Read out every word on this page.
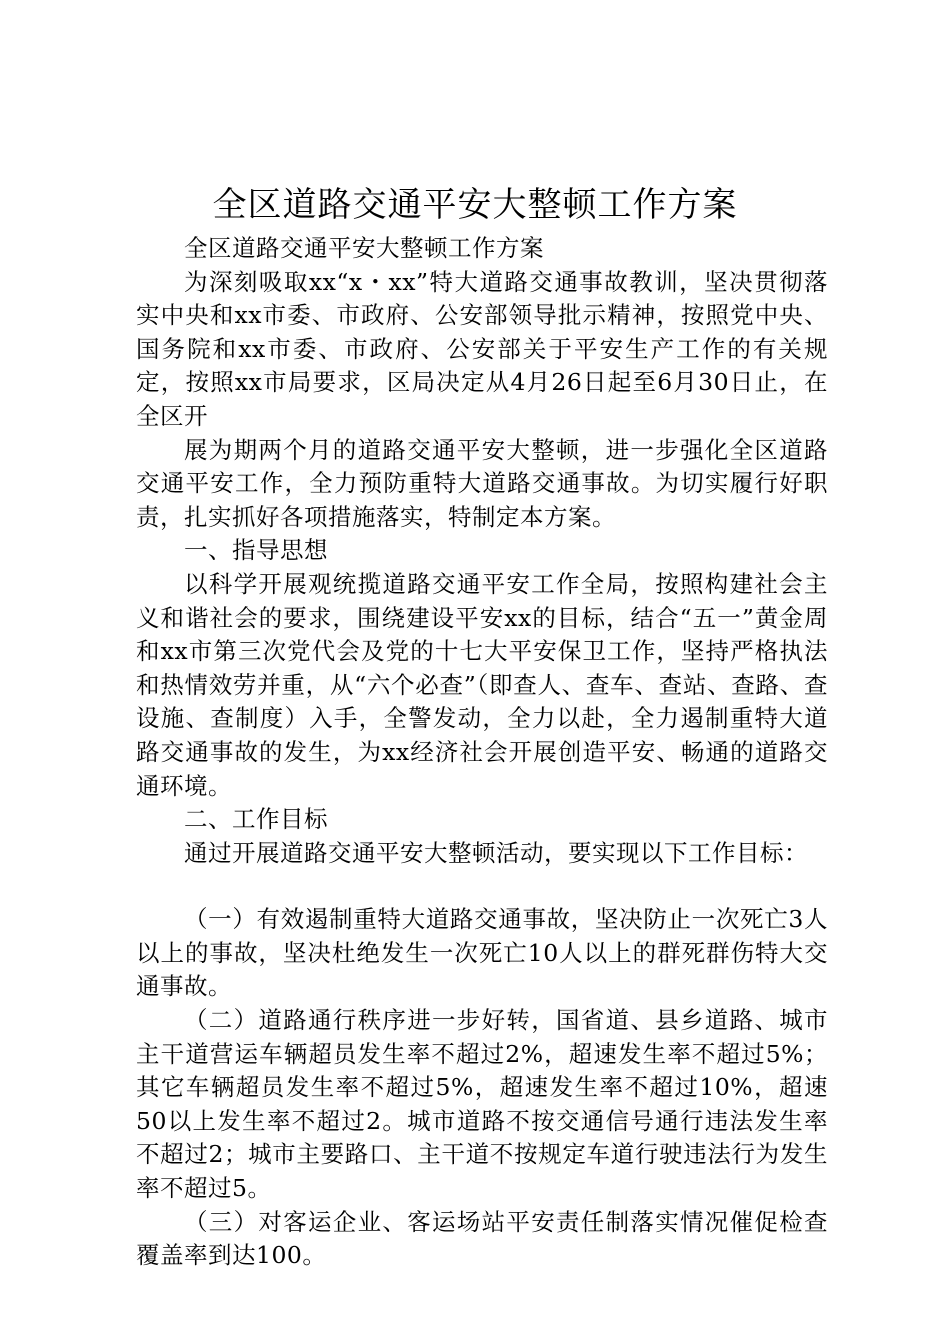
全区道路交通平安大整顿工作方案

全区道路交通平安大整顿工作方案

为深刻吸取xx“x・xx”特大道路交通事故教训，坚决贯彻落实中央和xx市委、市政府、公安部领导批示精神，按照党中央、国务院和xx市委、市政府、公安部关于平安生产工作的有关规定，按照xx市局要求，区局决定从4月26日起至6月30日止，在全区开

展为期两个月的道路交通平安大整顿，进一步强化全区道路交通平安工作，全力预防重特大道路交通事故。为切实履行好职责，扎实抓好各项措施落实，特制定本方案。

一、指导思想

以科学开展观统揽道路交通平安工作全局，按照构建社会主义和谐社会的要求，围绕建设平安xx的目标，结合“五一”黄金周和xx市第三次党代会及党的十七大平安保卫工作，坚持严格执法和热情效劳并重，从“六个必查”（即查人、查车、查站、查路、查设施、查制度）入手，全警发动，全力以赴，全力遏制重特大道路交通事故的发生，为xx经济社会开展创造平安、畅通的道路交通环境。

二、工作目标

通过开展道路交通平安大整顿活动，要实现以下工作目标：

（一）有效遏制重特大道路交通事故，坚决防止一次死亡3人以上的事故，坚决杜绝发生一次死亡10人以上的群死群伤特大交通事故。

（二）道路通行秩序进一步好转，国省道、县乡道路、城市主干道营运车辆超员发生率不超过2%，超速发生率不超过5%；其它车辆超员发生率不超过5%，超速发生率不超过10%，超速50以上发生率不超过2。城市道路不按交通信号通行违法发生率不超过2；城市主要路口、主干道不按规定车道行驶违法行为发生率不超过5。

（三）对客运企业、客运场站平安责任制落实情况催促检查覆盖率到达100。
